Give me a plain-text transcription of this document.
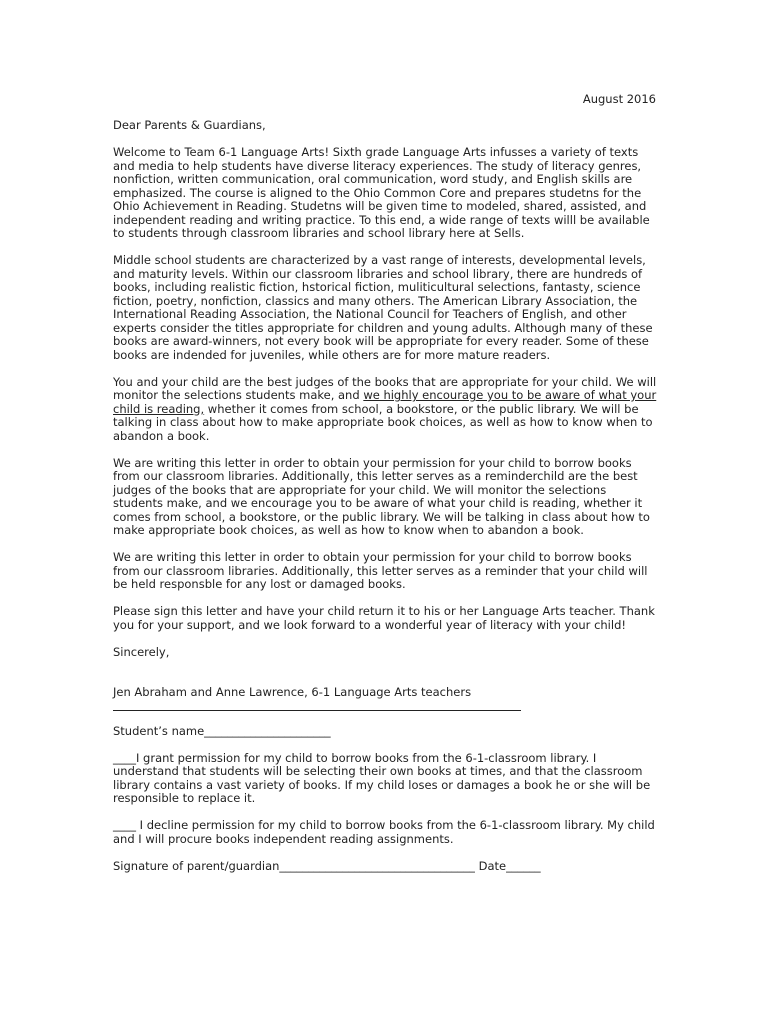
August 2016

Dear Parents & Guardians,

Welcome to Team 6-1 Language Arts! Sixth grade Language Arts infusses a variety of texts and media to help students have diverse literacy experiences. The study of literacy genres, nonfiction, written communication, oral communication, word study, and English skills are emphasized. The course is aligned to the Ohio Common Core and prepares studetns for the Ohio Achievement in Reading. Studetns will be given time to modeled, shared, assisted, and independent reading and writing practice. To this end, a wide range of texts willl be available to students through classroom libraries and school library here at Sells.

Middle school students are characterized by a vast range of interests, developmental levels, and maturity levels. Within our classroom libraries and school library, there are hundreds of books, including realistic fiction, hstorical fiction, muliticultural selections, fantasty, science fiction, poetry, nonfiction, classics and many others. The American Library Association, the International Reading Association, the National Council for Teachers of English, and other experts consider the titles appropriate for children and young adults. Although many of these books are award-winners, not every book will be appropriate for every reader. Some of these books are indended for juveniles, while others are for more mature readers.

You and your child are the best judges of the books that are appropriate for your child. We will monitor the selections students make, and we highly encourage you to be aware of what your child is reading, whether it comes from school, a bookstore, or the public library. We will be talking in class about how to make appropriate book choices, as well as how to know when to abandon a book.

We are writing this letter in order to obtain your permission for your child to borrow books from our classroom libraries. Additionally, this letter serves as a reminderchild are the best judges of the books that are appropriate for your child. We will monitor the selections students make, and we encourage you to be aware of what your child is reading, whether it comes from school, a bookstore, or the public library. We will be talking in class about how to make appropriate book choices, as well as how to know when to abandon a book.

We are writing this letter in order to obtain your permission for your child to borrow books from our classroom libraries. Additionally, this letter serves as a reminder that your child will be held responsble for any lost or damaged books.

Please sign this letter and have your child return it to his or her Language Arts teacher. Thank you for your support, and we look forward to a wonderful year of literacy with your child!

Sincerely,

Jen Abraham and Anne Lawrence, 6-1 Language Arts teachers

Student’s name______________________

____I grant permission for my child to borrow books from the 6-1-classroom library. I understand that students will be selecting their own books at times, and that the classroom library contains a vast variety of books. If my child loses or damages a book he or she will be responsible to replace it.

____ I decline permission for my child to borrow books from the 6-1-classroom library. My child and I will procure books independent reading assignments.

Signature of parent/guardian__________________________________ Date______
